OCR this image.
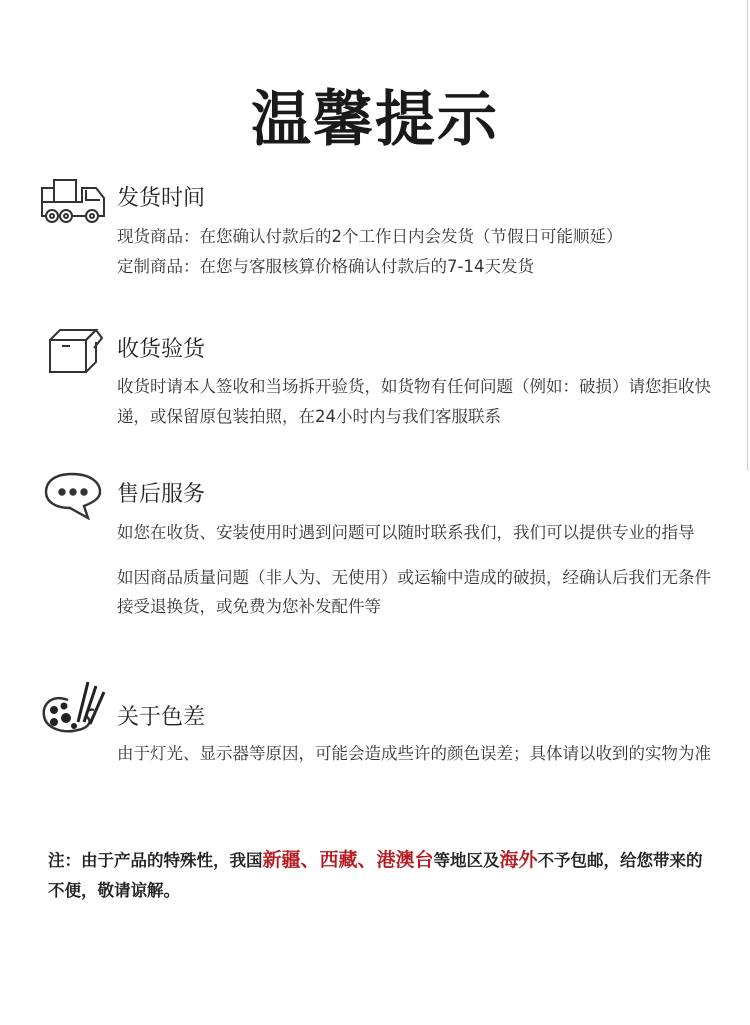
温馨提示
发货时间

现货商品：在您确认付款后的2个工作日内会发货（节假日可能顺延）

定制商品：在您与客服核算价格确认付款后的7-14天发货

收货验货

收货时请本人签收和当场拆开验货，如货物有任何问题（例如：破损）请您拒收快递，或保留原包装拍照，在24小时内与我们客服联系

售后服务

如您在收货、安装使用时遇到问题可以随时联系我们，我们可以提供专业的指导

如因商品质量问题（非人为、无使用）或运输中造成的破损，经确认后我们无条件接受退换货，或免费为您补发配件等

关于色差

由于灯光、显示器等原因，可能会造成些许的颜色误差；具体请以收到的实物为准

注：由于产品的特殊性，我国新疆、西藏、港澳台等地区及海外不予包邮，给您带来的不便，敬请谅解。
